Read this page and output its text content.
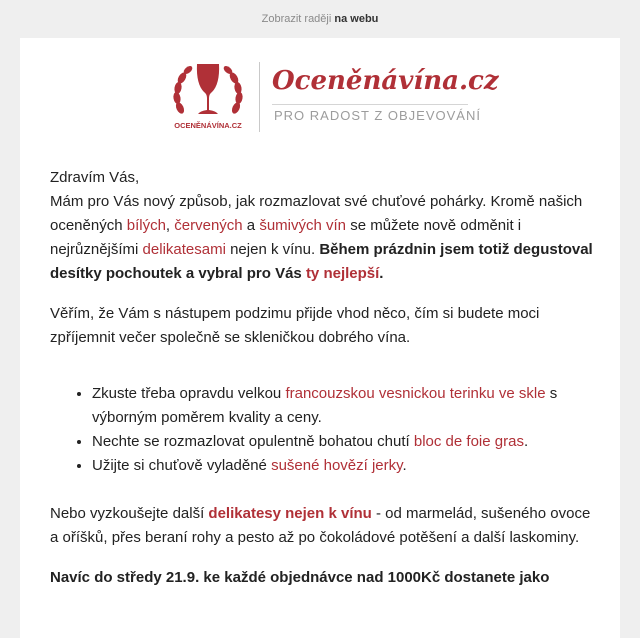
Zobrazit raději na webu
OCENĚNÁVÍNA.CZ
Oceněnávína.cz
PRO RADOST Z OBJEVOVÁNÍ

Zdravím Vás,

Mám pro Vás nový způsob, jak rozmazlovat své chuťové pohárky. Kromě našich oceněných bílých, červených a šumivých vín se můžete nově odměnit i nejrůznějšími delikatesami nejen k vínu. Během prázdnin jsem totiž degustoval desítky pochoutek a vybral pro Vás ty nejlepší.

Věřím, že Vám s nástupem podzimu přijde vhod něco, čím si budete moci zpříjemnit večer společně se skleničkou dobrého vína.

• Zkuste třeba opravdu velkou francouzskou vesnickou terinku ve skle s výborným poměrem kvality a ceny.
• Nechte se rozmazlovat opulentně bohatou chutí bloc de foie gras.
• Užijte si chuťově vyladěné sušené hovězí jerky.

Nebo vyzkoušejte další delikatesy nejen k vínu - od marmelád, sušeného ovoce a oříšků, přes beraní rohy a pesto až po čokoládové potěšení a další laskominy.

Navíc do středy 21.9. ke každé objednávce nad 1000Kč dostanete jako
